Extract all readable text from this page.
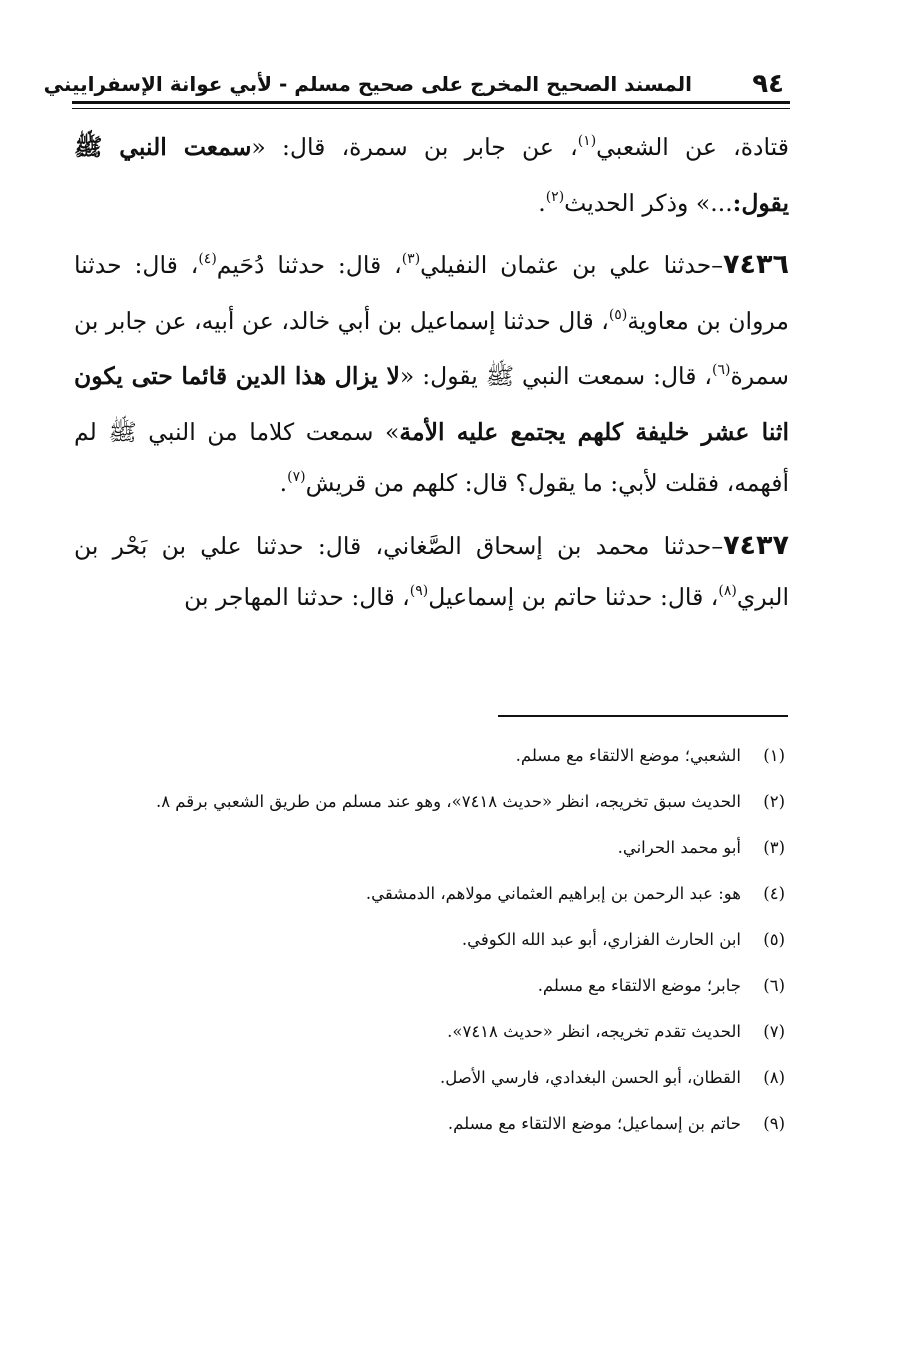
٩٤
المسند الصحيح المخرج على صحيح مسلم - لأبي عوانة الإسفراييني

قتادة، عن الشعبي$^{(١)}$، عن جابر بن سمرة، قال: «سمعت النبي ﷺ يقول:...» وذكر الحديث$^{(٢)}$.

٧٤٣٦–حدثنا علي بن عثمان النفيلي$^{(٣)}$، قال: حدثنا دُحَيم$^{(٤)}$، قال: حدثنا مروان بن معاوية$^{(٥)}$، قال حدثنا إسماعيل بن أبي خالد، عن أبيه، عن جابر بن سمرة$^{(٦)}$، قال: سمعت النبي ﷺ يقول: «لا يزال هذا الدين قائما حتى يكون اثنا عشر خليفة كلهم يجتمع عليه الأمة» سمعت كلاما من النبي ﷺ لم أفهمه، فقلت لأبي: ما يقول؟ قال: كلهم من قريش$^{(٧)}$.

٧٤٣٧–حدثنا محمد بن إسحاق الصَّغاني، قال: حدثنا علي بن بَحْر بن البري$^{(٨)}$، قال: حدثنا حاتم بن إسماعيل$^{(٩)}$، قال: حدثنا المهاجر بن

(١)
الشعبي؛ موضع الالتقاء مع مسلم.
(٢)
الحديث سبق تخريجه، انظر «حديث ٧٤١٨»، وهو عند مسلم من طريق الشعبي برقم ٨.
(٣)
أبو محمد الحراني.
(٤)
هو: عبد الرحمن بن إبراهيم العثماني مولاهم، الدمشقي.
(٥)
ابن الحارث الفزاري، أبو عبد الله الكوفي.
(٦)
جابر؛ موضع الالتقاء مع مسلم.
(٧)
الحديث تقدم تخريجه، انظر «حديث ٧٤١٨».
(٨)
القطان، أبو الحسن البغدادي، فارسي الأصل.
(٩)
حاتم بن إسماعيل؛ موضع الالتقاء مع مسلم.
